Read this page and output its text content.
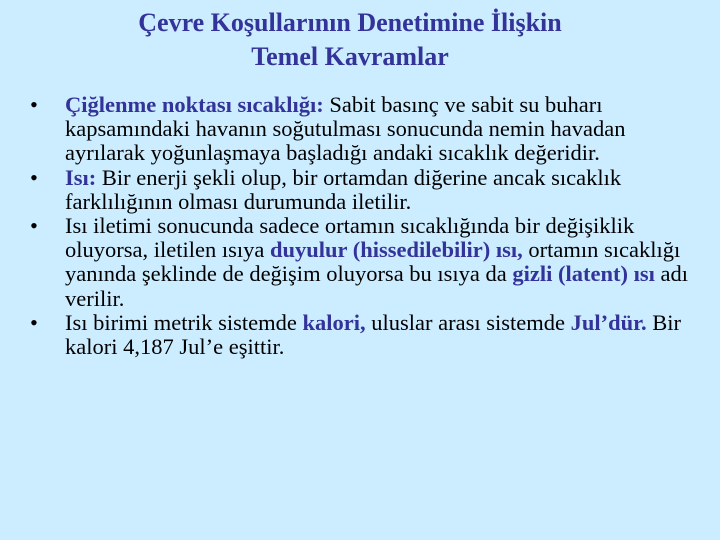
Çevre Koşullarının Denetimine İlişkin
Temel Kavramlar
•	Çiğlenme noktası sıcaklığı: Sabit basınç ve sabit su buharı kapsamındaki havanın soğutulması sonucunda nemin havadan ayrılarak yoğunlaşmaya başladığı andaki sıcaklık değeridir.
•	Isı: Bir enerji şekli olup, bir ortamdan diğerine ancak sıcaklık farklılığının olması durumunda iletilir.
•	Isı iletimi sonucunda sadece ortamın sıcaklığında bir değişiklik oluyorsa, iletilen ısıya duyulur (hissedilebilir) ısı, ortamın sıcaklığı yanında şeklinde de değişim oluyorsa bu ısıya da gizli (latent) ısı adı verilir.
•	Isı birimi metrik sistemde kalori, uluslar arası sistemde Jul’dür. Bir kalori 4,187 Jul’e eşittir.
